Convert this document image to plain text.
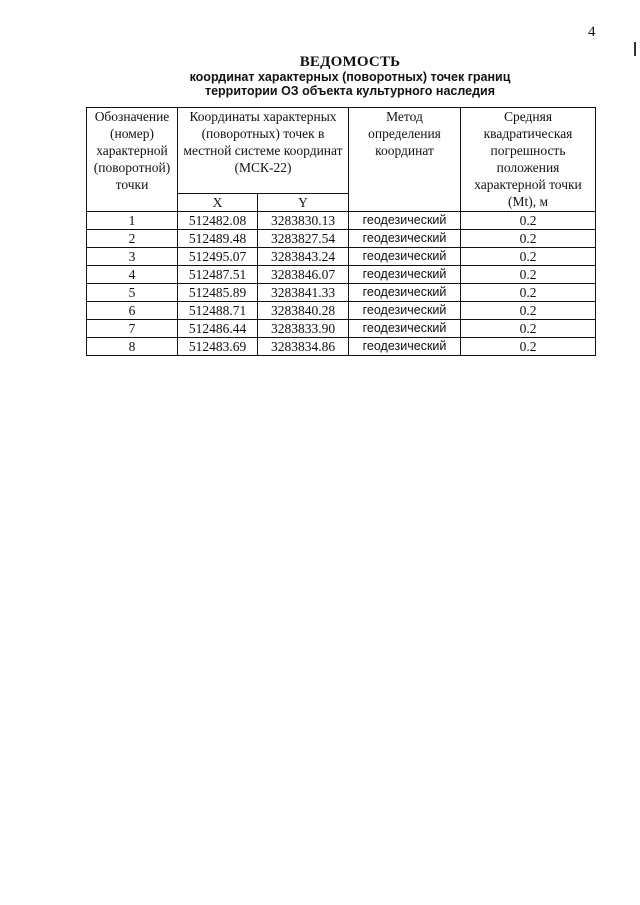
4
ВЕДОМОСТЬ
координат характерных (поворотных) точек границ
территории ОЗ объекта культурного наследия
Обозначение (номер) характерной (поворотной) точки	Координаты характерных (поворотных) точек в местной системе координат (МСК-22)		Метод определения координат	Средняя квадратическая погрешность положения характерной точки (Mt), м
	X	Y		
1	512482.08	3283830.13	геодезический	0.2
2	512489.48	3283827.54	геодезический	0.2
3	512495.07	3283843.24	геодезический	0.2
4	512487.51	3283846.07	геодезический	0.2
5	512485.89	3283841.33	геодезический	0.2
6	512488.71	3283840.28	геодезический	0.2
7	512486.44	3283833.90	геодезический	0.2
8	512483.69	3283834.86	геодезический	0.2
